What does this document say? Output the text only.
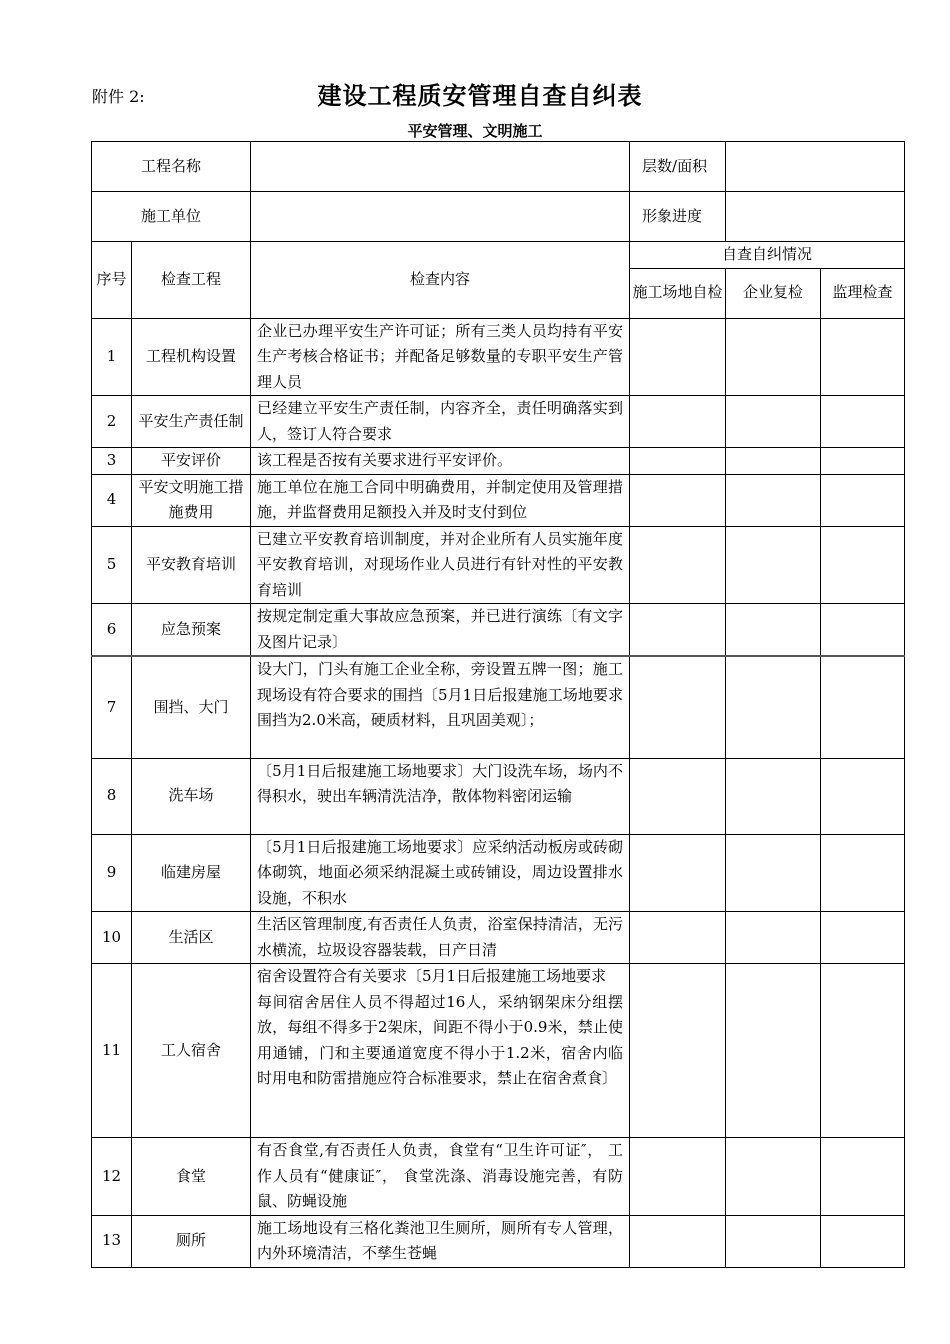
附件 2:	建设工程质安管理自查自纠表
平安管理、文明施工
工程名称			层数/面积		
施工单位			形象进度		
序号	检查工程	检查内容	自查自纠情况		
			施工场地自检	企业复检	监理检查
1	工程机构设置	企业已办理平安生产许可证；所有三类人员均持有平安生产考核合格证书；并配备足够数量的专职平安生产管理人员			
2	平安生产责任制	已经建立平安生产责任制，内容齐全，责任明确落实到人，签订人符合要求			
3	平安评价	该工程是否按有关要求进行平安评价。			
4	平安文明施工措施费用	施工单位在施工合同中明确费用，并制定使用及管理措施，并监督费用足额投入并及时支付到位			
5	平安教育培训	已建立平安教育培训制度，并对企业所有人员实施年度平安教育培训，对现场作业人员进行有针对性的平安教育培训			
6	应急预案	按规定制定重大事故应急预案，并已进行演练〔有文字及图片记录〕			
7	围挡、大门	设大门，门头有施工企业全称，旁设置五牌一图；施工现场设有符合要求的围挡〔5月1日后报建施工场地要求围挡为2.0米高，硬质材料，且巩固美观〕；			
8	洗车场	〔5月1日后报建施工场地要求〕大门设洗车场，场内不得积水，驶出车辆清洗洁净，散体物料密闭运输			
9	临建房屋	〔5月1日后报建施工场地要求〕应采纳活动板房或砖砌体砌筑，地面必须采纳混凝土或砖铺设，周边设置排水设施，不积水			
10	生活区	生活区管理制度,有否责任人负责，浴室保持清洁，无污水横流，垃圾设容器装载，日产日清			
11	工人宿舍	宿舍设置符合有关要求〔5月1日后报建施工场地要求
每间宿舍居住人员不得超过16人，采纳钢架床分组摆放，每组不得多于2架床，间距不得小于0.9米，禁止使用通铺，门和主要通道宽度不得小于1.2米，宿舍内临时用电和防雷措施应符合标准要求，禁止在宿舍煮食〕			
12	食堂	有否食堂,有否责任人负责，食堂有“卫生许可证″， 工作人员有“健康证″， 食堂洗涤、消毒设施完善，有防鼠、防蝇设施			
13	厕所	施工场地设有三格化粪池卫生厕所，厕所有专人管理，内外环境清洁，不孳生苍蝇			
